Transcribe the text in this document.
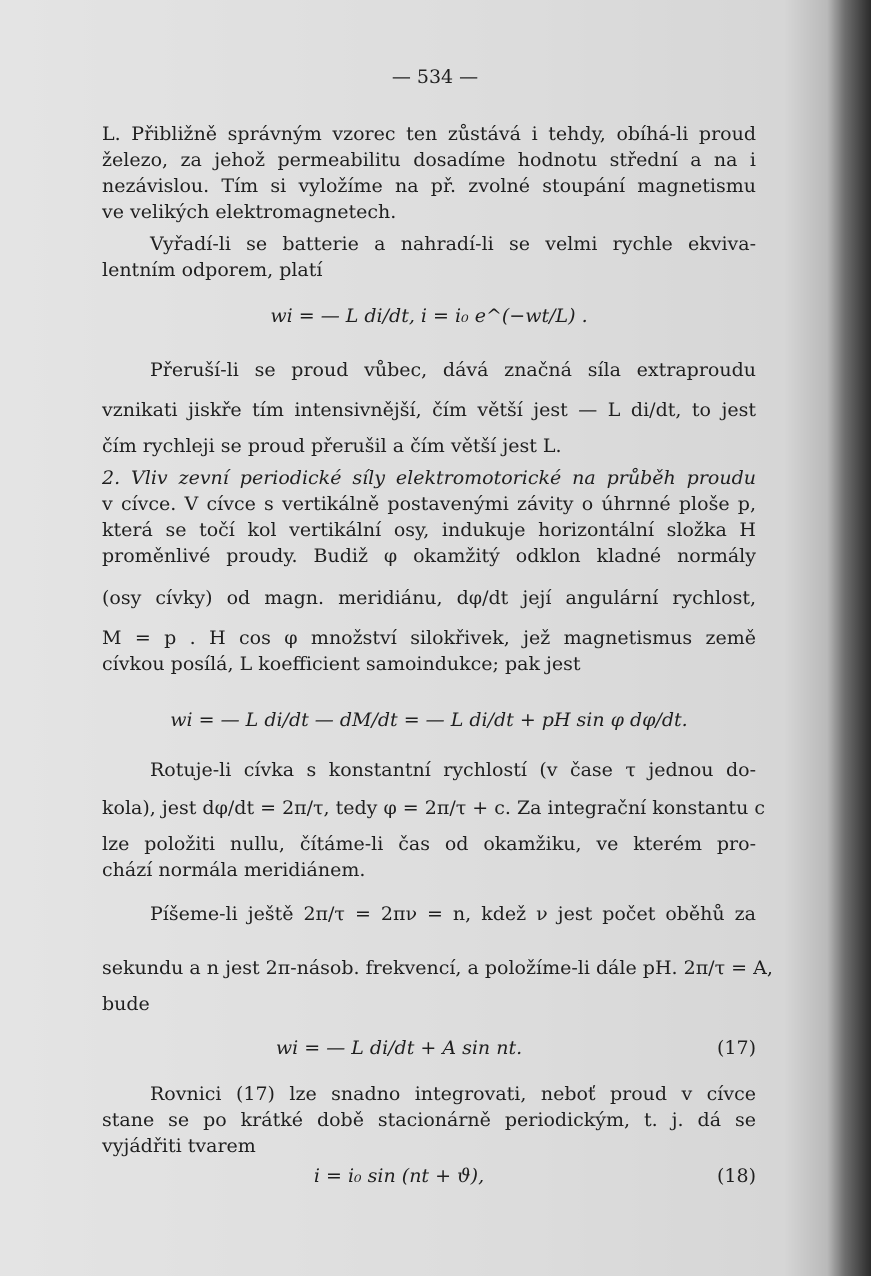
— 534 —
L. Přibližně správným vzorec ten zůstává i tehdy, obíhá-li proud
železo, za jehož permeabilitu dosadíme hodnotu střední a na i
nezávislou. Tím si vyložíme na př. zvolné stoupání magnetismu
ve velikých elektromagnetech.
Vyřadí-li se batterie a nahradí-li se velmi rychle ekviva-
lentním odporem, platí
wi = — L di/dt, i = i₀ e^(−wt/L) .
Přeruší-li se proud vůbec, dává značná síla extraproudu
vznikati jiskře tím intensivnější, čím větší jest — L di/dt, to jest
čím rychleji se proud přerušil a čím větší jest L.
2. Vliv zevní periodické síly elektromotorické na průběh proudu
v cívce. V cívce s vertikálně postavenými závity o úhrnné ploše p,
která se točí kol vertikální osy, indukuje horizontální složka H
proměnlivé proudy. Budiž φ okamžitý odklon kladné normály
(osy cívky) od magn. meridiánu, dφ/dt její angulární rychlost,
M = p . H cos φ množství silokřivek, jež magnetismus země
cívkou posílá, L koefficient samoindukce; pak jest
wi = — L di/dt — dM/dt = — L di/dt + pH sin φ dφ/dt.
Rotuje-li cívka s konstantní rychlostí (v čase τ jednou do-
kola), jest dφ/dt = 2π/τ, tedy φ = 2π/τ + c. Za integrační konstantu c
lze položiti nullu, čítáme-li čas od okamžiku, ve kterém pro-
chází normála meridiánem.
Píšeme-li ještě 2π/τ = 2πν = n, kdež ν jest počet oběhů za
sekundu a n jest 2π-násob. frekvencí, a položíme-li dále pH. 2π/τ = A,
bude
wi = — L di/dt + A sin nt.	(17)
Rovnici (17) lze snadno integrovati, neboť proud v cívce
stane se po krátké době stacionárně periodickým, t. j. dá se
vyjádřiti tvarem
i = i₀ sin (nt + ϑ),	(18)
